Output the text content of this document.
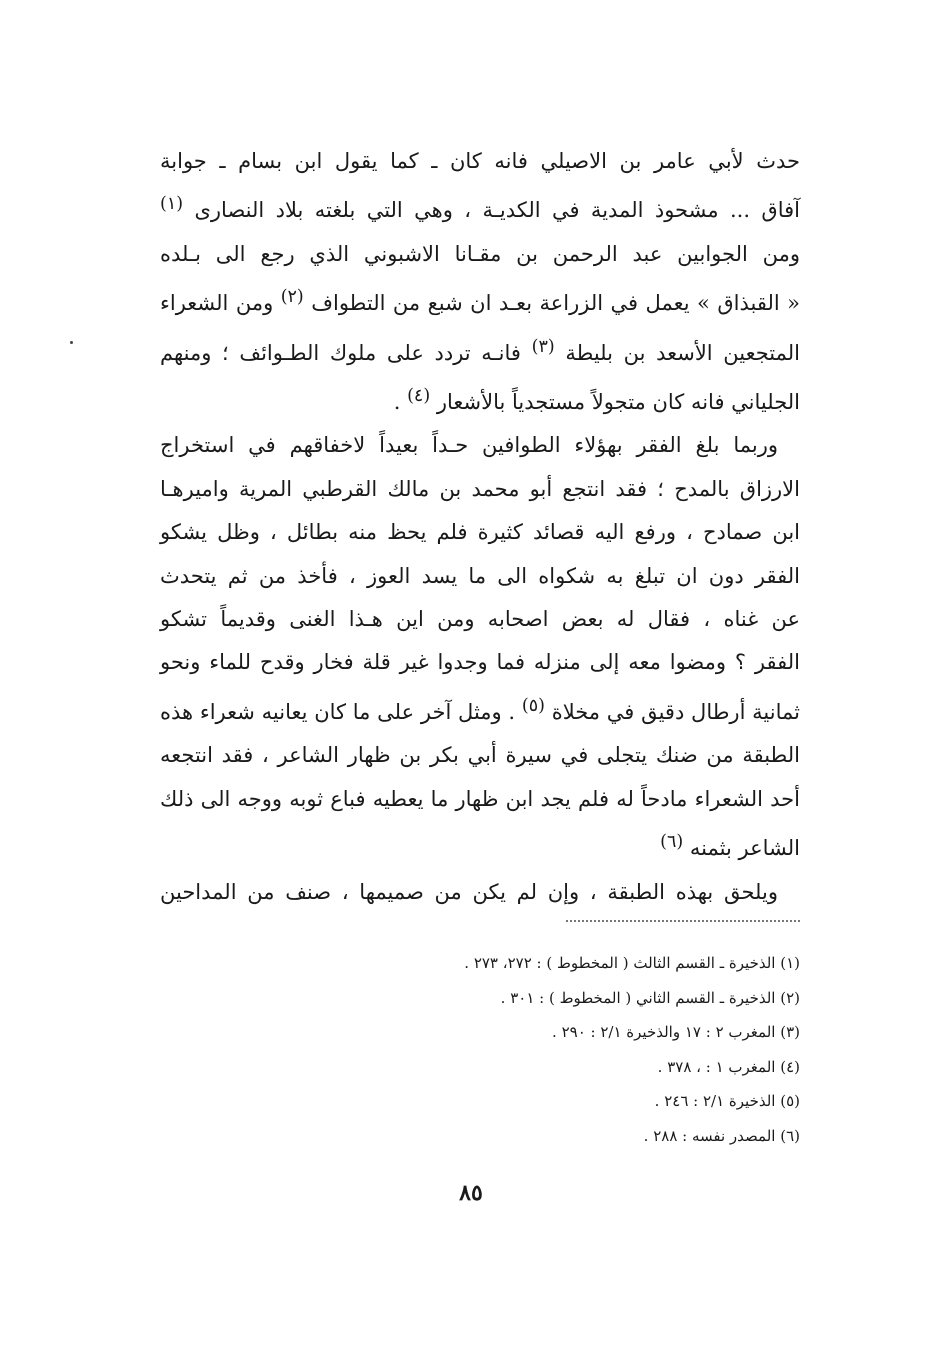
حدث لأبي عامر بن الاصيلي فانه كان ـ كما يقول ابن بسام ـ جوابة
آفاق ... مشحوذ المدية في الكديـة ، وهي التي بلغته بلاد النصارى $^{(١)}$
ومن الجوابين عبد الرحمن بن مقـانا الاشبوني الذي رجع الى بـلده
« القبذاق » يعمل في الزراعة بعـد ان شبع من التطواف $^{(٢)}$ ومن الشعراء
المتجعين الأسعد بن بليطة $^{(٣)}$ فانـه تردد على ملوك الطـوائف ؛ ومنهم
الجلياني فانه كان متجولاً مستجدياً بالأشعار $^{(٤)}$ .
وربما بلغ الفقر بهؤلاء الطوافين حـداً بعيداً لاخفاقهم في استخراج
الارزاق بالمدح ؛ فقد انتجع أبو محمد بن مالك القرطبي المرية واميرهـا
ابن صمادح ، ورفع اليه قصائد كثيرة فلم يحظ منه بطائل ، وظل يشكو
الفقر دون ان تبلغ به شكواه الى ما يسد العوز ، فأخذ من ثم يتحدث
عن غناه ، فقال له بعض اصحابه ومن اين هـذا الغنى وقديماً تشكو
الفقر ؟ ومضوا معه إلى منزله فما وجدوا غير قلة فخار وقدح للماء ونحو
ثمانية أرطال دقيق في مخلاة $^{(٥)}$ . ومثل آخر على ما كان يعانيه شعراء هذه
الطبقة من ضنك يتجلى في سيرة أبي بكر بن ظهار الشاعر ، فقد انتجعه
أحد الشعراء مادحاً له فلم يجد ابن ظهار ما يعطيه فباع ثوبه ووجه الى ذلك
الشاعر بثمنه $^{(٦)}$
ويلحق بهذه الطبقة ، وإن لم يكن من صميمها ، صنف من المداحين
(١) الذخيرة ـ القسم الثالث ( المخطوط ) : ٢٧٢، ٢٧٣ .
(٢) الذخيرة ـ القسم الثاني ( المخطوط ) : ٣٠١ .
(٣) المغرب ٢ : ١٧ والذخيرة ٢/١ : ٢٩٠ .
(٤) المغرب ١ : ، ٣٧٨ .
(٥) الذخيرة ٢/١ : ٢٤٦ .
(٦) المصدر نفسه : ٢٨٨ .
٨٥
